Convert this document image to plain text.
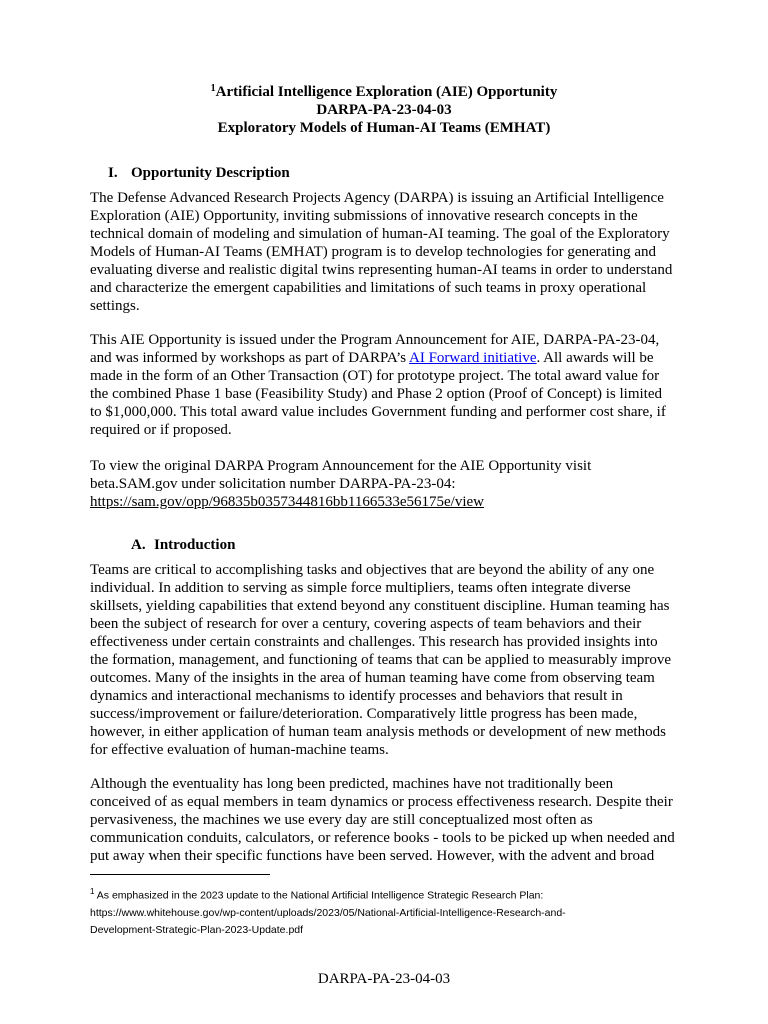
$^1$Artificial Intelligence Exploration (AIE) Opportunity
DARPA-PA-23-04-03
Exploratory Models of Human-AI Teams (EMHAT)
I. Opportunity Description
The Defense Advanced Research Projects Agency (DARPA) is issuing an Artificial Intelligence
Exploration (AIE) Opportunity, inviting submissions of innovative research concepts in the
technical domain of modeling and simulation of human-AI teaming. The goal of the Exploratory
Models of Human-AI Teams (EMHAT) program is to develop technologies for generating and
evaluating diverse and realistic digital twins representing human-AI teams in order to understand
and characterize the emergent capabilities and limitations of such teams in proxy operational
settings.
This AIE Opportunity is issued under the Program Announcement for AIE, DARPA-PA-23-04,
and was informed by workshops as part of DARPA’s AI Forward initiative. All awards will be
made in the form of an Other Transaction (OT) for prototype project. The total award value for
the combined Phase 1 base (Feasibility Study) and Phase 2 option (Proof of Concept) is limited
to $1,000,000. This total award value includes Government funding and performer cost share, if
required or if proposed.
To view the original DARPA Program Announcement for the AIE Opportunity visit
beta.SAM.gov under solicitation number DARPA-PA-23-04:
https://sam.gov/opp/96835b0357344816bb1166533e56175e/view
A. Introduction
Teams are critical to accomplishing tasks and objectives that are beyond the ability of any one
individual. In addition to serving as simple force multipliers, teams often integrate diverse
skillsets, yielding capabilities that extend beyond any constituent discipline. Human teaming has
been the subject of research for over a century, covering aspects of team behaviors and their
effectiveness under certain constraints and challenges. This research has provided insights into
the formation, management, and functioning of teams that can be applied to measurably improve
outcomes. Many of the insights in the area of human teaming have come from observing team
dynamics and interactional mechanisms to identify processes and behaviors that result in
success/improvement or failure/deterioration. Comparatively little progress has been made,
however, in either application of human team analysis methods or development of new methods
for effective evaluation of human-machine teams.
Although the eventuality has long been predicted, machines have not traditionally been
conceived of as equal members in team dynamics or process effectiveness research. Despite their
pervasiveness, the machines we use every day are still conceptualized most often as
communication conduits, calculators, or reference books - tools to be picked up when needed and
put away when their specific functions have been served. However, with the advent and broad
$^1$ As emphasized in the 2023 update to the National Artificial Intelligence Strategic Research Plan:
https://www.whitehouse.gov/wp-content/uploads/2023/05/National-Artificial-Intelligence-Research-and-
Development-Strategic-Plan-2023-Update.pdf
DARPA-PA-23-04-03
